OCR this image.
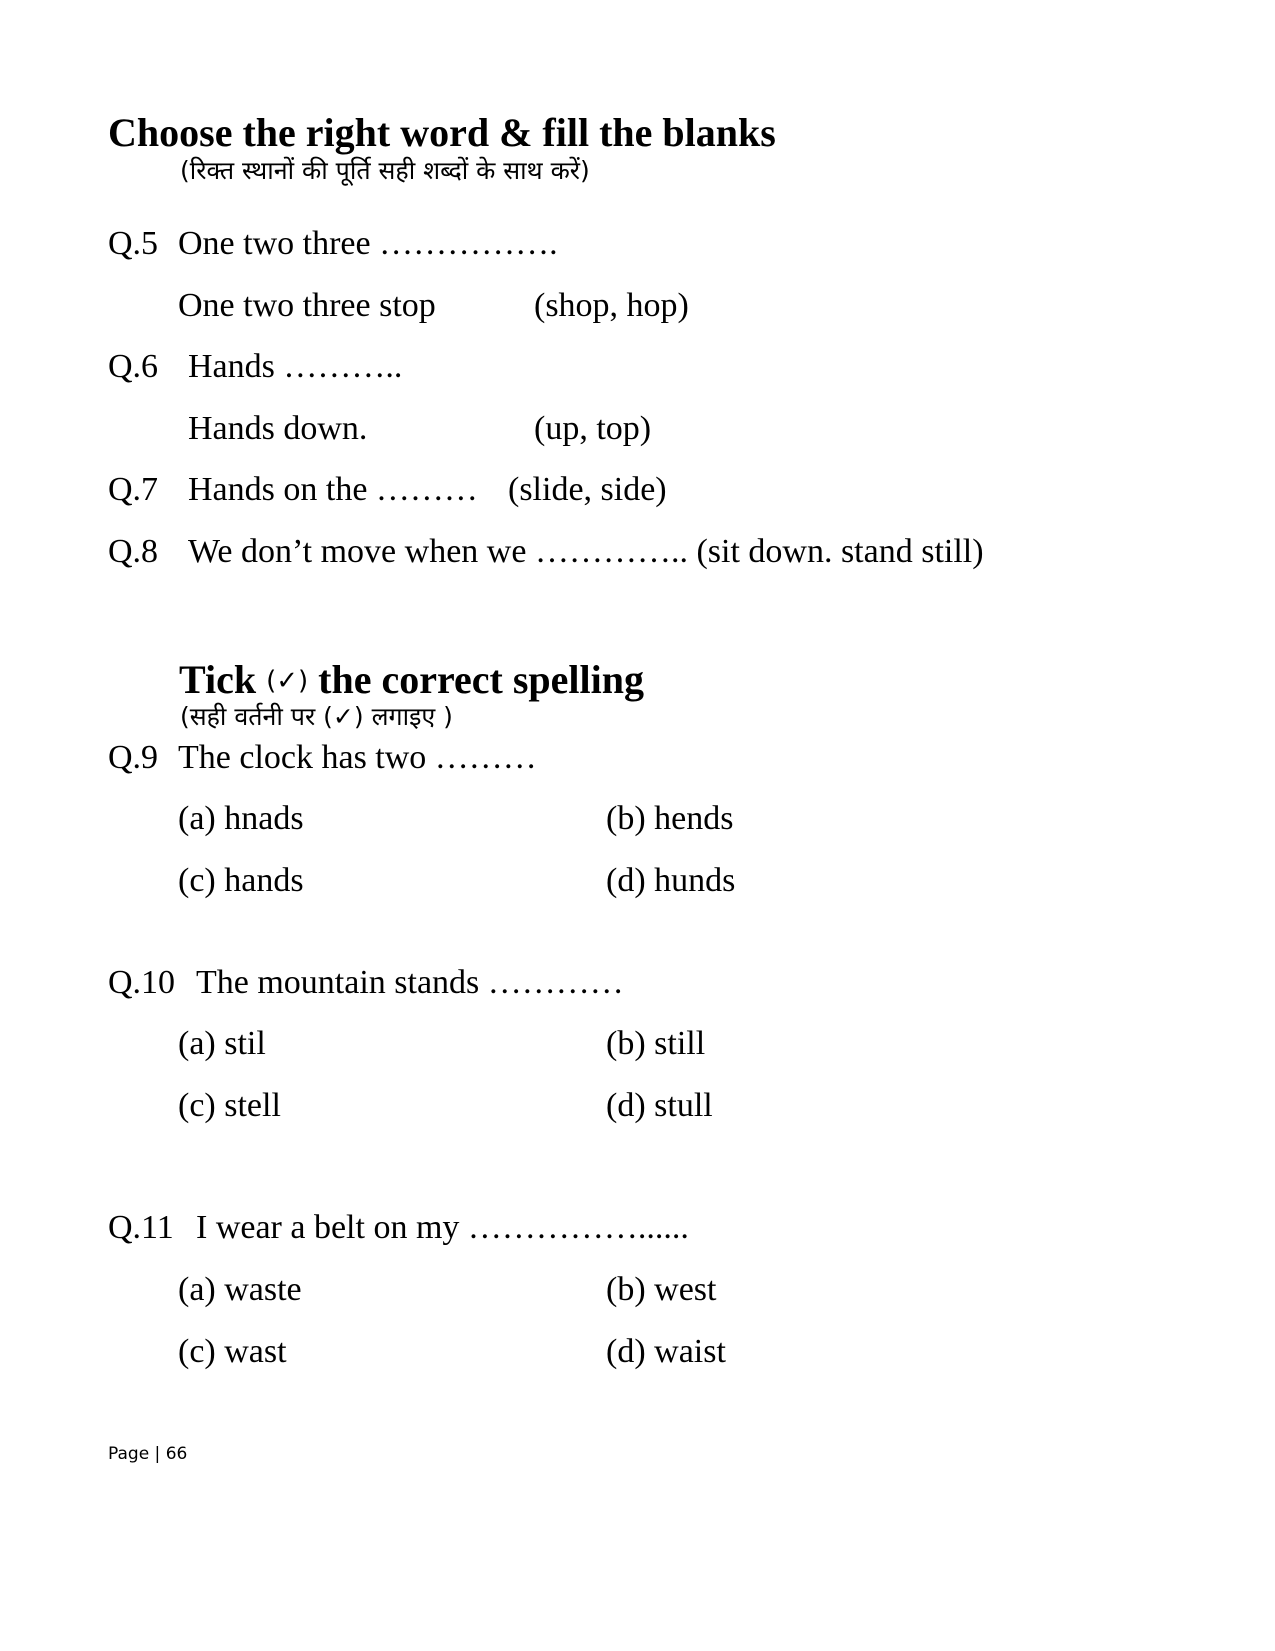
Choose the right word & fill the blanks
(रिक्त स्थानों की पूर्ति सही शब्दों के साथ करें)
Q.5 One two three …………….
One two three stop	(shop, hop)
Q.6 Hands ………..
Hands down.	(up, top)
Q.7 Hands on the ……… (slide, side)
Q.8 We don’t move when we ………….. (sit down. stand still)
Tick (✓) the correct spelling
(सही वर्तनी पर (✓) लगाइए )
Q.9 The clock has two ………
(a) hnads	(b) hends
(c) hands	(d) hunds
Q.10 The mountain stands …………
(a) stil	(b) still
(c) stell	(d) stull
Q.11 I wear a belt on my ……………......
(a) waste	(b) west
(c) wast	(d) waist
Page | 66
